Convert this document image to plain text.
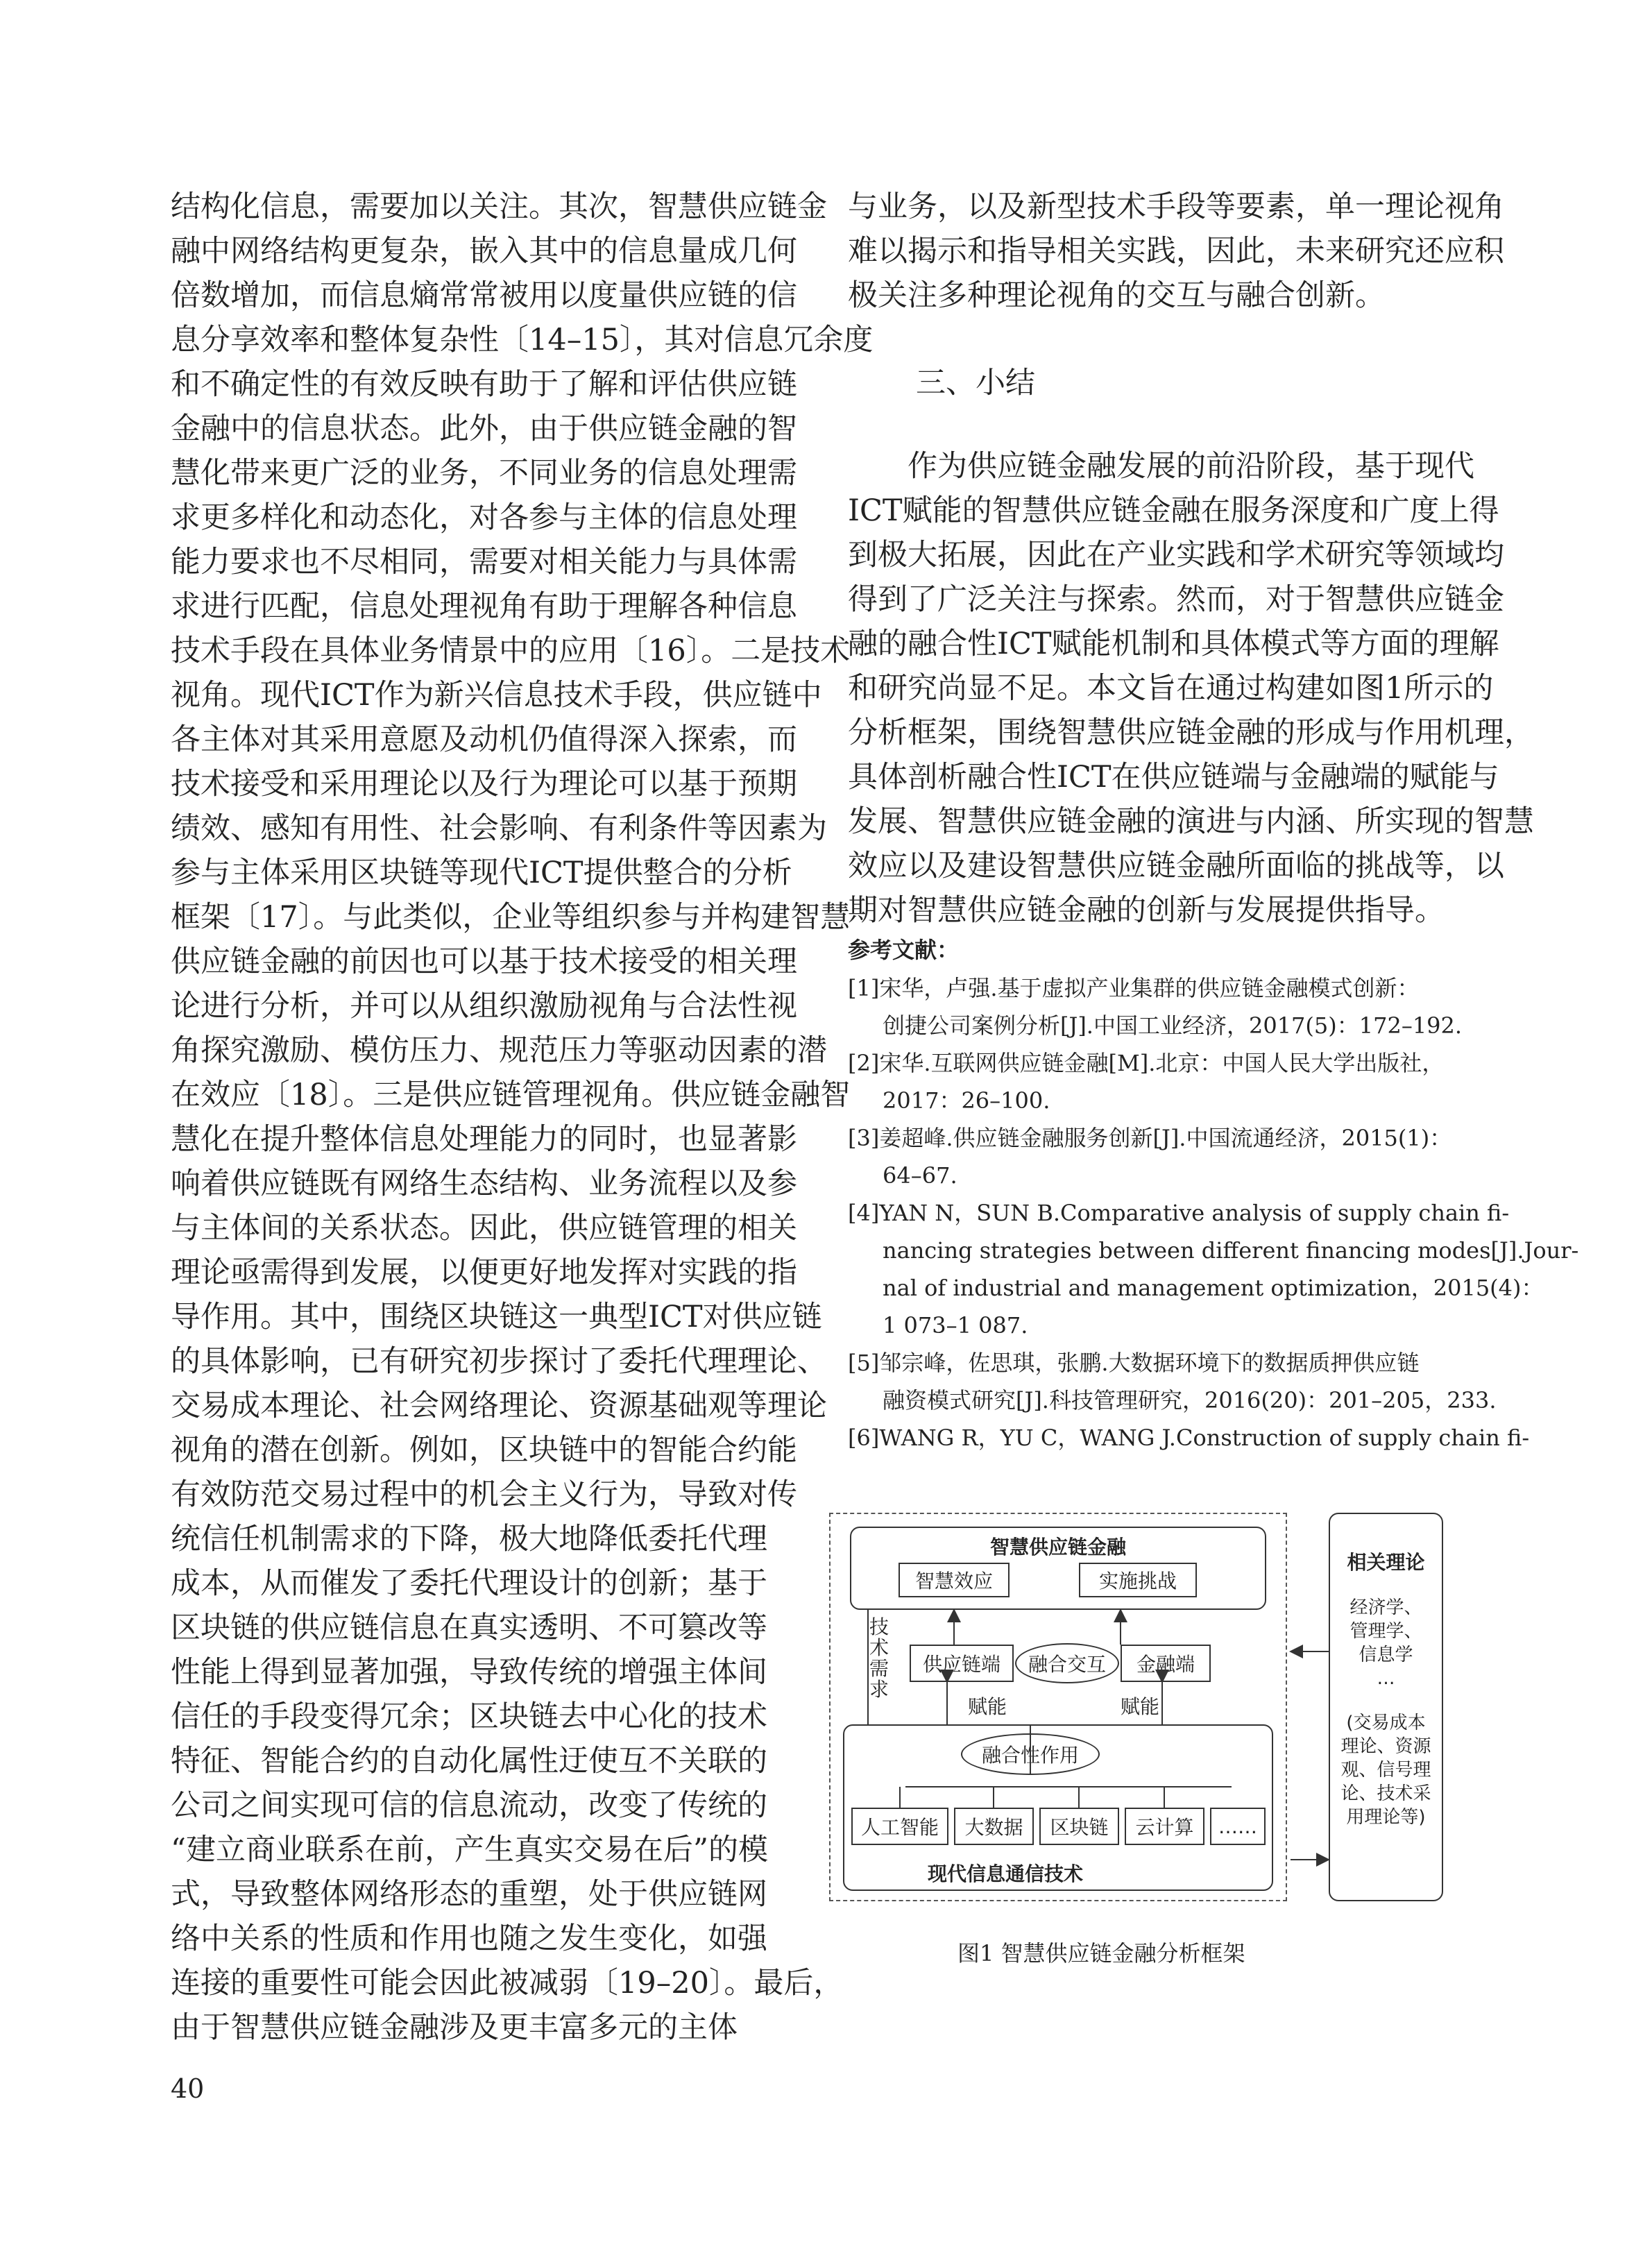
结构化信息，需要加以关注。其次，智慧供应链金
融中网络结构更复杂，嵌入其中的信息量成几何
倍数增加，而信息熵常常被用以度量供应链的信
息分享效率和整体复杂性〔14–15〕，其对信息冗余度
和不确定性的有效反映有助于了解和评估供应链
金融中的信息状态。此外，由于供应链金融的智
慧化带来更广泛的业务，不同业务的信息处理需
求更多样化和动态化，对各参与主体的信息处理
能力要求也不尽相同，需要对相关能力与具体需
求进行匹配，信息处理视角有助于理解各种信息
技术手段在具体业务情景中的应用〔16〕。二是技术
视角。现代ICT作为新兴信息技术手段，供应链中
各主体对其采用意愿及动机仍值得深入探索，而
技术接受和采用理论以及行为理论可以基于预期
绩效、感知有用性、社会影响、有利条件等因素为
参与主体采用区块链等现代ICT提供整合的分析
框架〔17〕。与此类似，企业等组织参与并构建智慧
供应链金融的前因也可以基于技术接受的相关理
论进行分析，并可以从组织激励视角与合法性视
角探究激励、模仿压力、规范压力等驱动因素的潜
在效应〔18〕。三是供应链管理视角。供应链金融智
慧化在提升整体信息处理能力的同时，也显著影
响着供应链既有网络生态结构、业务流程以及参
与主体间的关系状态。因此，供应链管理的相关
理论亟需得到发展，以便更好地发挥对实践的指
导作用。其中，围绕区块链这一典型ICT对供应链
的具体影响，已有研究初步探讨了委托代理理论、
交易成本理论、社会网络理论、资源基础观等理论
视角的潜在创新。例如，区块链中的智能合约能
有效防范交易过程中的机会主义行为，导致对传
统信任机制需求的下降，极大地降低委托代理
成本，从而催发了委托代理设计的创新；基于
区块链的供应链信息在真实透明、不可篡改等
性能上得到显著加强，导致传统的增强主体间
信任的手段变得冗余；区块链去中心化的技术
特征、智能合约的自动化属性迂使互不关联的
公司之间实现可信的信息流动，改变了传统的
“建立商业联系在前，产生真实交易在后”的模
式，导致整体网络形态的重塑，处于供应链网
络中关系的性质和作用也随之发生变化，如强
连接的重要性可能会因此被减弱〔19–20〕。最后，
由于智慧供应链金融涉及更丰富多元的主体
与业务，以及新型技术手段等要素，单一理论视角
难以揭示和指导相关实践，因此，未来研究还应积
极关注多种理论视角的交互与融合创新。
三、小结
　　作为供应链金融发展的前沿阶段，基于现代
ICT赋能的智慧供应链金融在服务深度和广度上得
到极大拓展，因此在产业实践和学术研究等领域均
得到了广泛关注与探索。然而，对于智慧供应链金
融的融合性ICT赋能机制和具体模式等方面的理解
和研究尚显不足。本文旨在通过构建如图1所示的
分析框架，围绕智慧供应链金融的形成与作用机理，
具体剖析融合性ICT在供应链端与金融端的赋能与
发展、智慧供应链金融的演进与内涵、所实现的智慧
效应以及建设智慧供应链金融所面临的挑战等，以
期对智慧供应链金融的创新与发展提供指导。
参考文献：
[1]宋华，卢强.基于虚拟产业集群的供应链金融模式创新：
创捷公司案例分析[J].中国工业经济，2017(5)：172–192.
[2]宋华.互联网供应链金融[M].北京：中国人民大学出版社，
2017：26–100.
[3]姜超峰.供应链金融服务创新[J].中国流通经济，2015(1)：
64–67.
[4]YAN N，SUN B.Comparative analysis of supply chain fi-
nancing strategies between different financing modes[J].Jour-
nal of industrial and management optimization，2015(4)：
1 073–1 087.
[5]邹宗峰，佐思琪，张鹏.大数据环境下的数据质押供应链
融资模式研究[J].科技管理研究，2016(20)：201–205，233.
[6]WANG R，YU C，WANG J.Construction of supply chain fi-
智慧供应链金融
智慧效应	实施挑战
技术需求
供应链端	融合交互	金融端
赋能	赋能
现代信息通信技术
融合性作用
人工智能	大数据	区块链	云计算	……
相关理论
经济学、
管理学、
信息学
…
(交易成本
理论、资源
观、信号理
论、技术采
用理论等)
图1 智慧供应链金融分析框架
40
